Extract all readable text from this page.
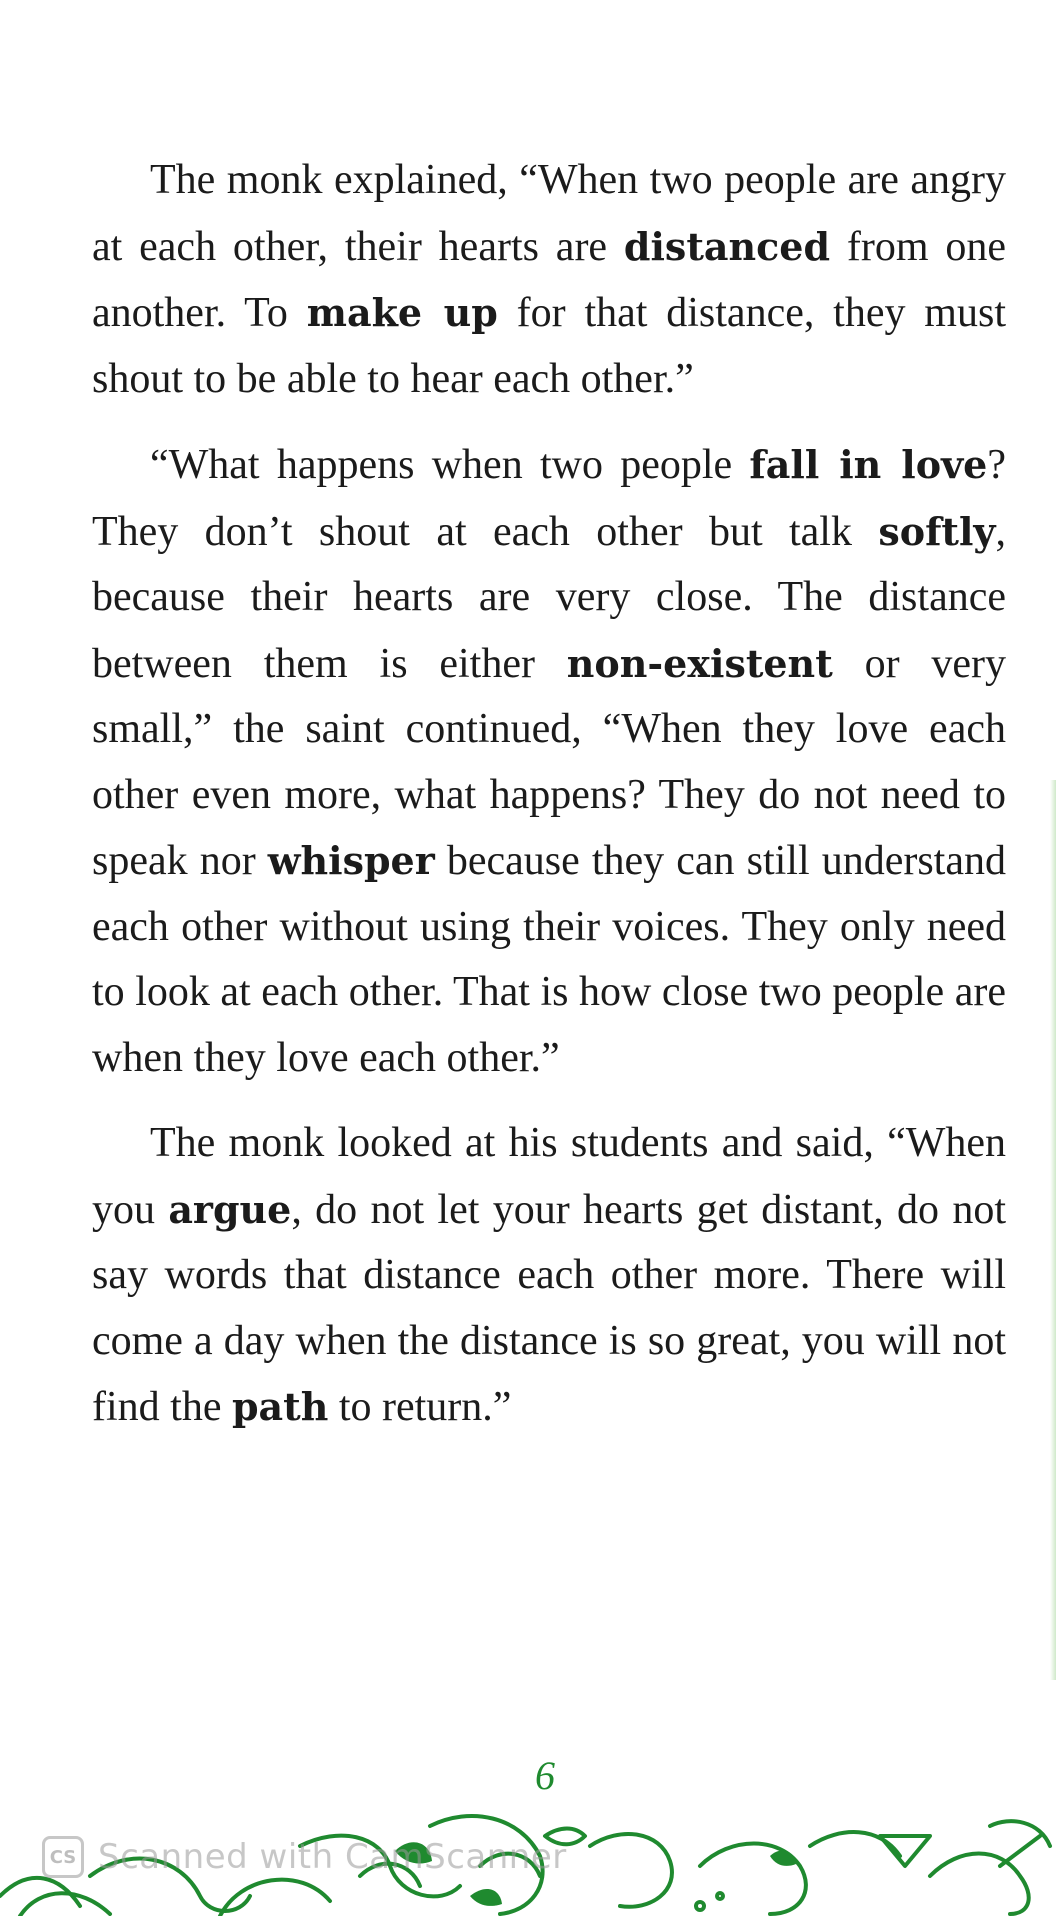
The monk explained, “When two people are angry at each other, their hearts are distanced from one another. To make up for that distance, they must shout to be able to hear each other.”

“What happens when two people fall in love? They don’t shout at each other but talk softly, because their hearts are very close. The distance between them is either non-existent or very small,” the saint continued, “When they love each other even more, what happens? They do not need to speak nor whisper because they can still understand each other without using their voices. They only need to look at each other. That is how close two people are when they love each other.”

The monk looked at his students and said, “When you argue, do not let your hearts get distant, do not say words that distance each other more. There will come a day when the distance is so great, you will not find the path to return.”

6
CS Scanned with CamScanner
